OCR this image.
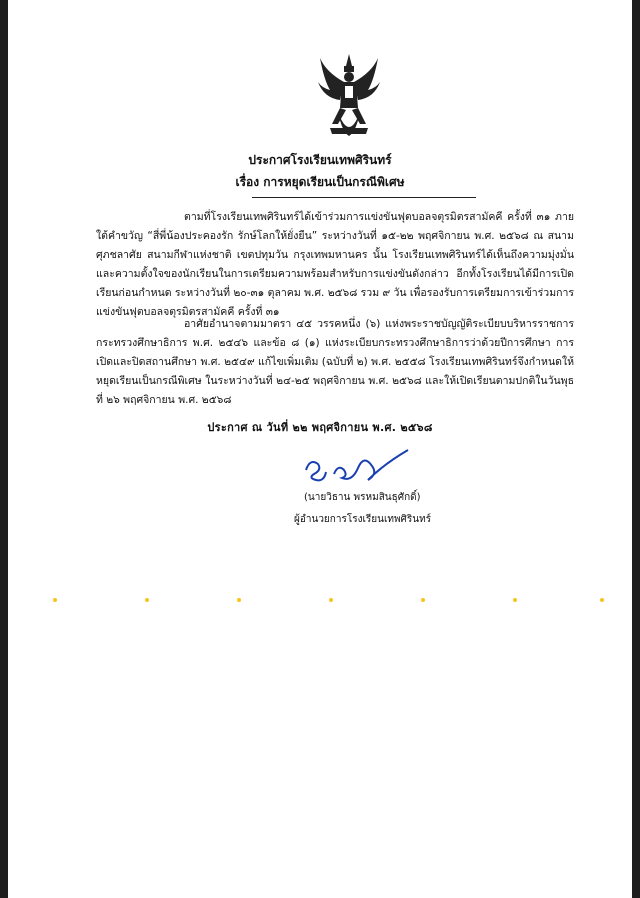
ประกาศโรงเรียนเทพศิรินทร์
เรื่อง การหยุดเรียนเป็นกรณีพิเศษ
ตามที่โรงเรียนเทพศิรินทร์ได้เข้าร่วมการแข่งขันฟุตบอลจตุรมิตรสามัคคี ครั้งที่ ๓๑ ภายใต้คำขวัญ “สี่พี่น้องประคองรัก รักษ์โลกให้ยั่งยืน” ระหว่างวันที่ ๑๕-๒๒ พฤศจิกายน พ.ศ. ๒๕๖๘ ณ สนามศุภชลาศัย สนามกีฬาแห่งชาติ เขตปทุมวัน กรุงเทพมหานคร นั้น โรงเรียนเทพศิรินทร์ได้เห็นถึงความมุ่งมั่นและความตั้งใจของนักเรียนในการเตรียมความพร้อมสำหรับการแข่งขันดังกล่าว อีกทั้งโรงเรียนได้มีการเปิดเรียนก่อนกำหนด ระหว่างวันที่ ๒๐-๓๑ ตุลาคม พ.ศ. ๒๕๖๘ รวม ๙ วัน เพื่อรองรับการเตรียมการเข้าร่วมการแข่งขันฟุตบอลจตุรมิตรสามัคคี ครั้งที่ ๓๑
อาศัยอำนาจตามมาตรา ๔๕ วรรคหนึ่ง (๖) แห่งพระราชบัญญัติระเบียบบริหารราชการกระทรวงศึกษาธิการ พ.ศ. ๒๕๔๖ และข้อ ๘ (๑) แห่งระเบียบกระทรวงศึกษาธิการว่าด้วยปีการศึกษา การเปิดและปิดสถานศึกษา พ.ศ. ๒๕๔๙ แก้ไขเพิ่มเติม (ฉบับที่ ๒) พ.ศ. ๒๕๕๘ โรงเรียนเทพศิรินทร์จึงกำหนดให้หยุดเรียนเป็นกรณีพิเศษ ในระหว่างวันที่ ๒๔-๒๕ พฤศจิกายน พ.ศ. ๒๕๖๘ และให้เปิดเรียนตามปกติในวันพุธที่ ๒๖ พฤศจิกายน พ.ศ. ๒๕๖๘
ประกาศ ณ วันที่ ๒๒ พฤศจิกายน พ.ศ. ๒๕๖๘
(นายวิธาน พรหมสินธุศักดิ์)
ผู้อำนวยการโรงเรียนเทพศิรินทร์
